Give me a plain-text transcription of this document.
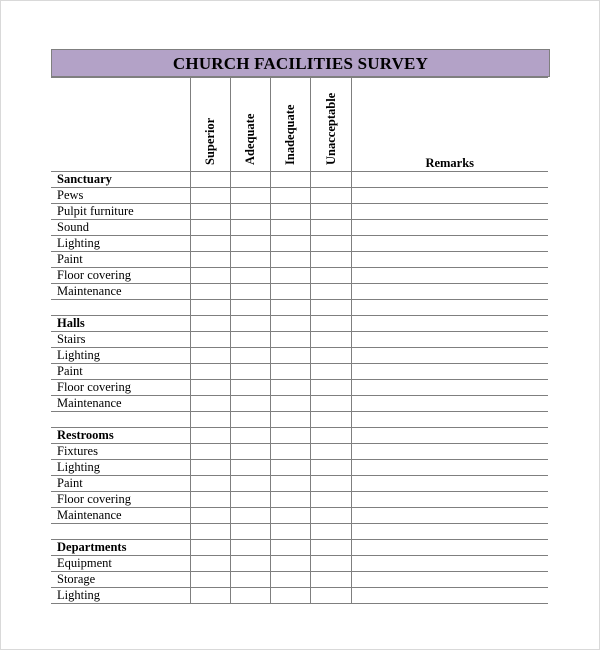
CHURCH FACILITIES SURVEY

	Superior	Adequate	Inadequate	Unacceptable	Remarks
Sanctuary					
Pews					
Pulpit furniture					
Sound					
Lighting					
Paint					
Floor covering					
Maintenance					

Halls					
Stairs					
Lighting					
Paint					
Floor covering					
Maintenance					

Restrooms					
Fixtures					
Lighting					
Paint					
Floor covering					
Maintenance					

Departments					
Equipment					
Storage					
Lighting					
